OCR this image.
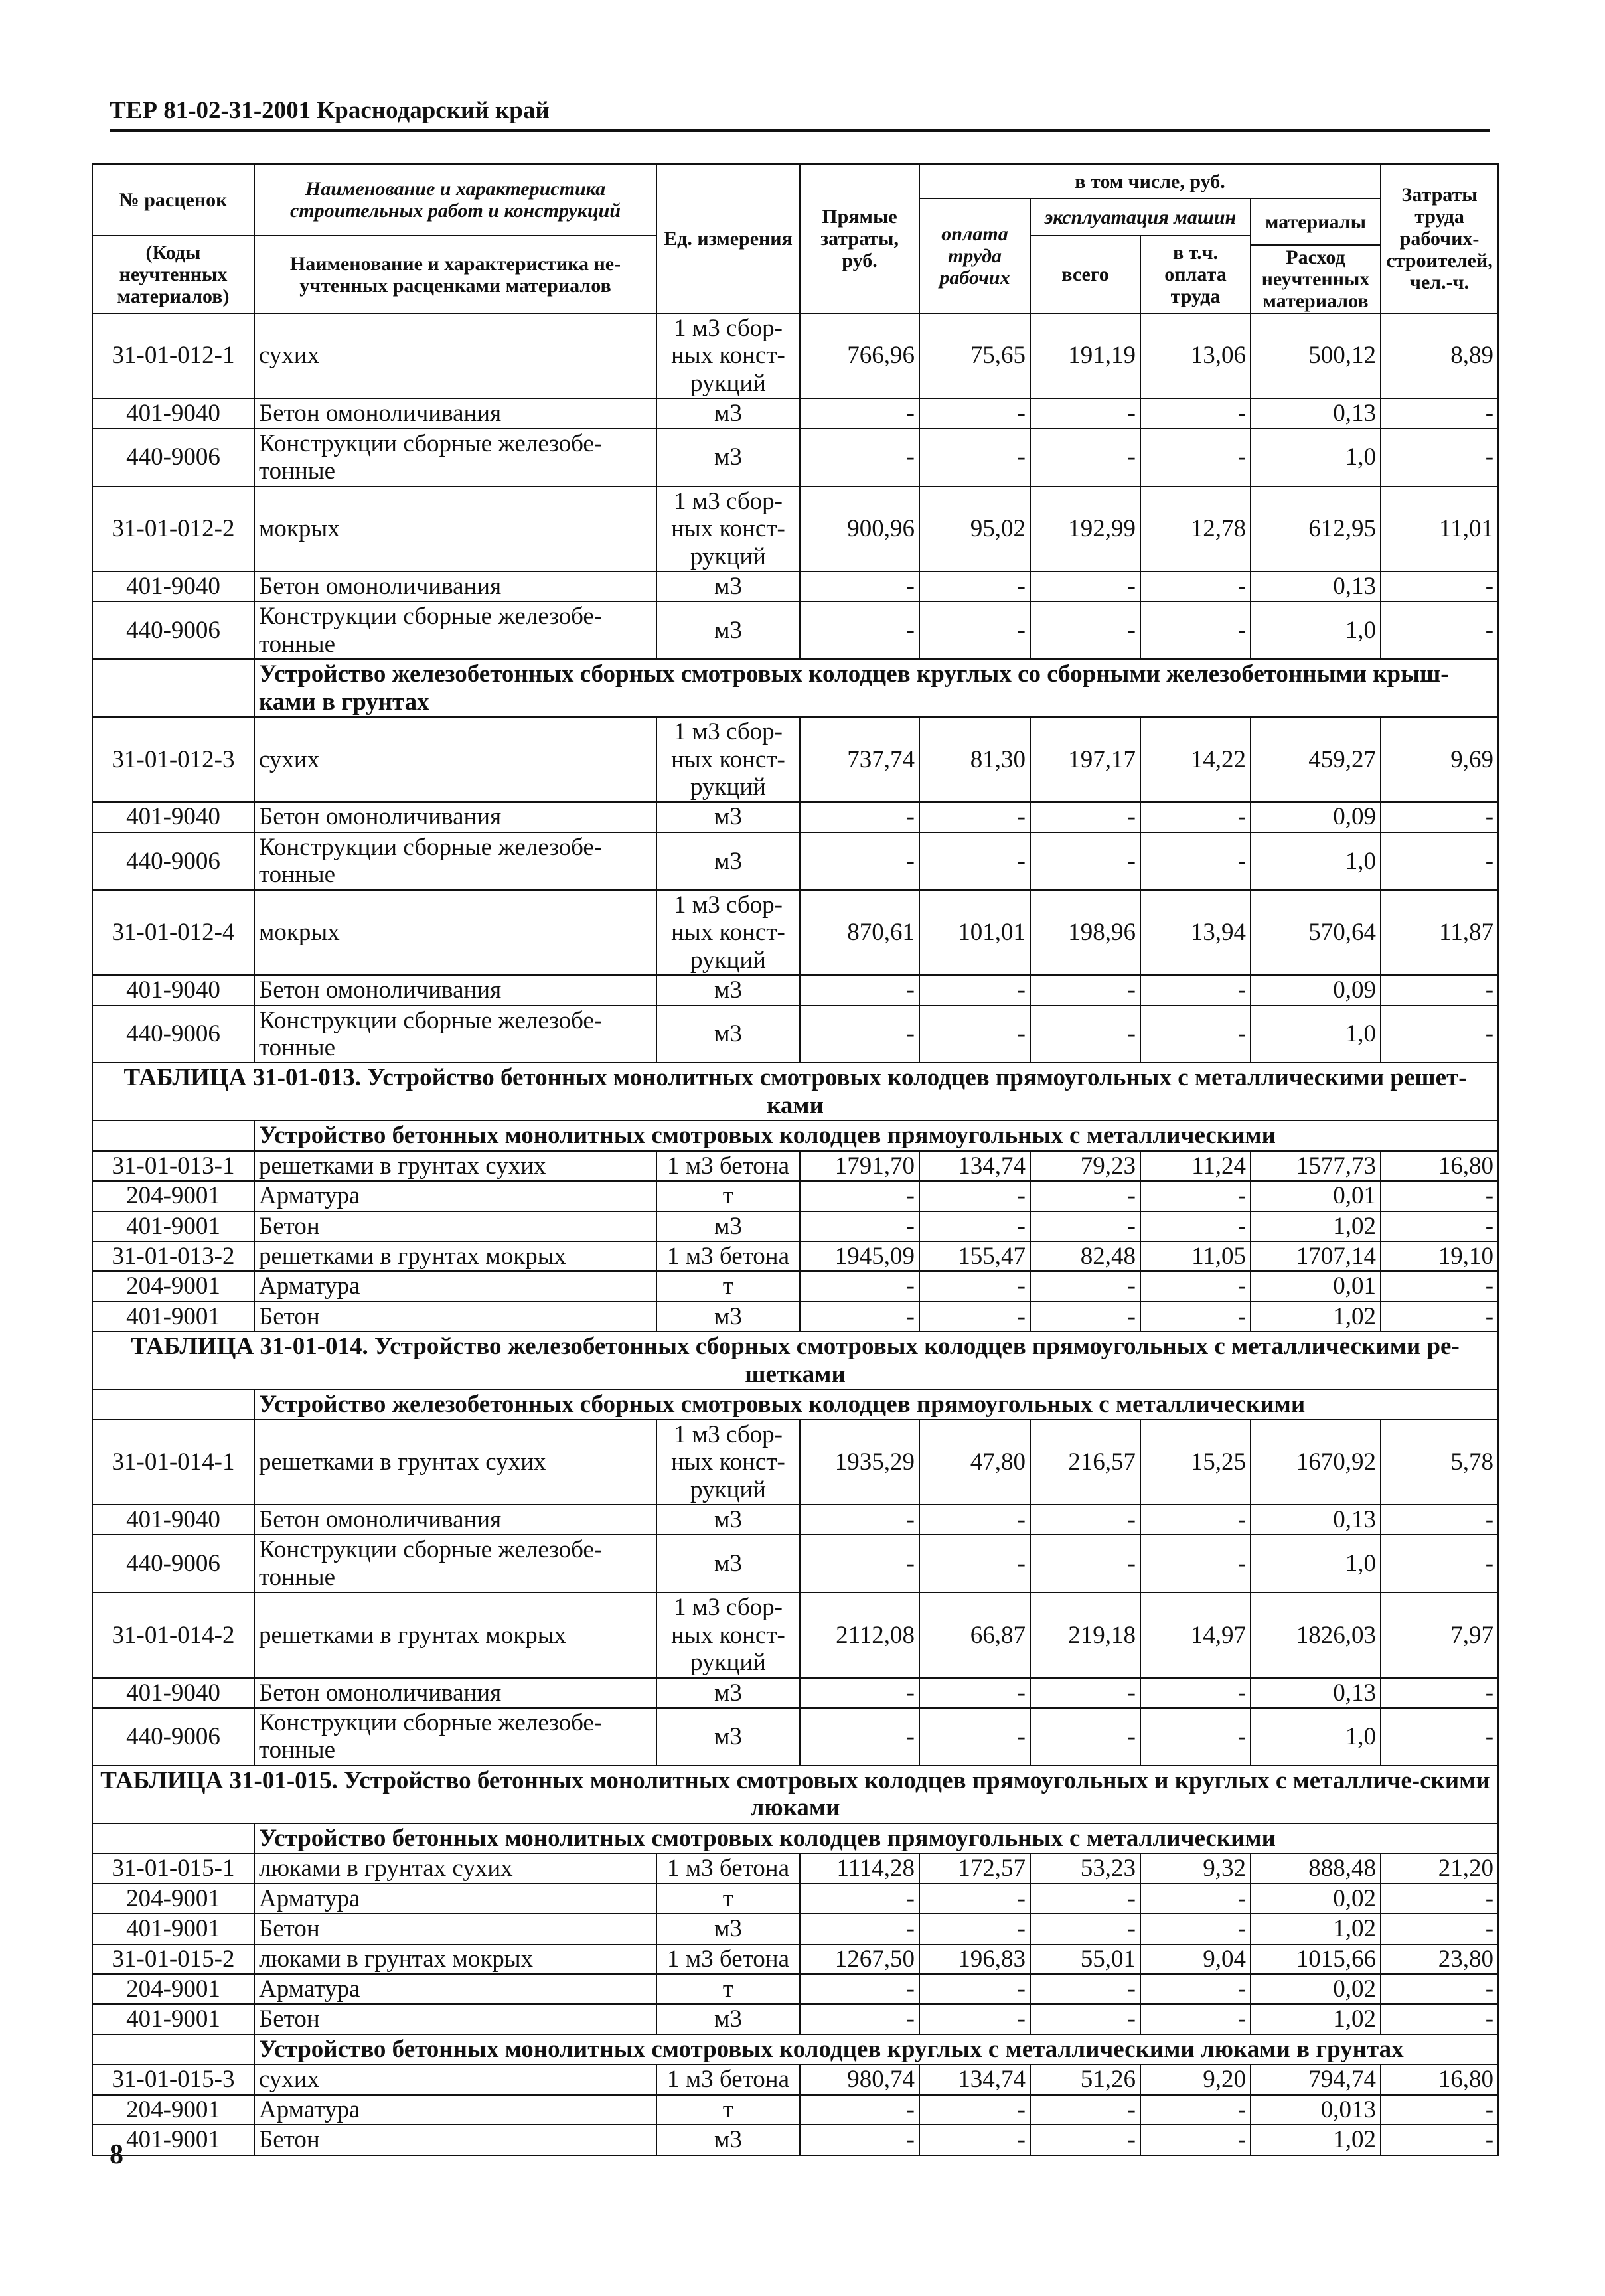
ТЕР 81-02-31-2001 Краснодарский край
№ расценок	Наименование и характеристика строительных работ и конструкций	Ед. измерения	Прямые затраты, руб.	в том числе, руб.				Затраты труда рабочих-строителей, чел.-ч.
				оплата труда рабочих	эксплуатация машин		материалы	
(Коды неучтенных материалов)	Наименование и характеристика не-учтенных расценками материалов				всего	в т.ч. оплата труда		
							Расход неучтенных материалов	
31-01-012-1	сухих	1 м3 сбор-ных конст-рукций	766,96	75,65	191,19	13,06	500,12	8,89
401-9040	Бетон омоноличивания	м3	-	-	-	-	0,13	-
440-9006	Конструкции сборные железобе-тонные	м3	-	-	-	-	1,0	-
31-01-012-2	мокрых	1 м3 сбор-ных конст-рукций	900,96	95,02	192,99	12,78	612,95	11,01
401-9040	Бетон омоноличивания	м3	-	-	-	-	0,13	-
440-9006	Конструкции сборные железобе-тонные	м3	-	-	-	-	1,0	-
	Устройство железобетонных сборных смотровых колодцев круглых со сборными железобетонными крыш-ками в грунтах							
31-01-012-3	сухих	1 м3 сбор-ных конст-рукций	737,74	81,30	197,17	14,22	459,27	9,69
401-9040	Бетон омоноличивания	м3	-	-	-	-	0,09	-
440-9006	Конструкции сборные железобе-тонные	м3	-	-	-	-	1,0	-
31-01-012-4	мокрых	1 м3 сбор-ных конст-рукций	870,61	101,01	198,96	13,94	570,64	11,87
401-9040	Бетон омоноличивания	м3	-	-	-	-	0,09	-
440-9006	Конструкции сборные железобе-тонные	м3	-	-	-	-	1,0	-
ТАБЛИЦА 31-01-013. Устройство бетонных монолитных смотровых колодцев прямоугольных с металлическими решет-ками								
	Устройство бетонных монолитных смотровых колодцев прямоугольных с металлическими							
31-01-013-1	решетками в грунтах сухих	1 м3 бетона	1791,70	134,74	79,23	11,24	1577,73	16,80
204-9001	Арматура	т	-	-	-	-	0,01	-
401-9001	Бетон	м3	-	-	-	-	1,02	-
31-01-013-2	решетками в грунтах мокрых	1 м3 бетона	1945,09	155,47	82,48	11,05	1707,14	19,10
204-9001	Арматура	т	-	-	-	-	0,01	-
401-9001	Бетон	м3	-	-	-	-	1,02	-
ТАБЛИЦА 31-01-014. Устройство железобетонных сборных смотровых колодцев прямоугольных с металлическими ре-шетками								
	Устройство железобетонных сборных смотровых колодцев прямоугольных с металлическими							
31-01-014-1	решетками в грунтах сухих	1 м3 сбор-ных конст-рукций	1935,29	47,80	216,57	15,25	1670,92	5,78
401-9040	Бетон омоноличивания	м3	-	-	-	-	0,13	-
440-9006	Конструкции сборные железобе-тонные	м3	-	-	-	-	1,0	-
31-01-014-2	решетками в грунтах мокрых	1 м3 сбор-ных конст-рукций	2112,08	66,87	219,18	14,97	1826,03	7,97
401-9040	Бетон омоноличивания	м3	-	-	-	-	0,13	-
440-9006	Конструкции сборные железобе-тонные	м3	-	-	-	-	1,0	-
ТАБЛИЦА 31-01-015. Устройство бетонных монолитных смотровых колодцев прямоугольных и круглых с металличе-скими люками								
	Устройство бетонных монолитных смотровых колодцев прямоугольных с металлическими							
31-01-015-1	люками в грунтах сухих	1 м3 бетона	1114,28	172,57	53,23	9,32	888,48	21,20
204-9001	Арматура	т	-	-	-	-	0,02	-
401-9001	Бетон	м3	-	-	-	-	1,02	-
31-01-015-2	люками в грунтах мокрых	1 м3 бетона	1267,50	196,83	55,01	9,04	1015,66	23,80
204-9001	Арматура	т	-	-	-	-	0,02	-
401-9001	Бетон	м3	-	-	-	-	1,02	-
	Устройство бетонных монолитных смотровых колодцев круглых с металлическими люками в грунтах							
31-01-015-3	сухих	1 м3 бетона	980,74	134,74	51,26	9,20	794,74	16,80
204-9001	Арматура	т	-	-	-	-	0,013	-
401-9001	Бетон	м3	-	-	-	-	1,02	-
8
